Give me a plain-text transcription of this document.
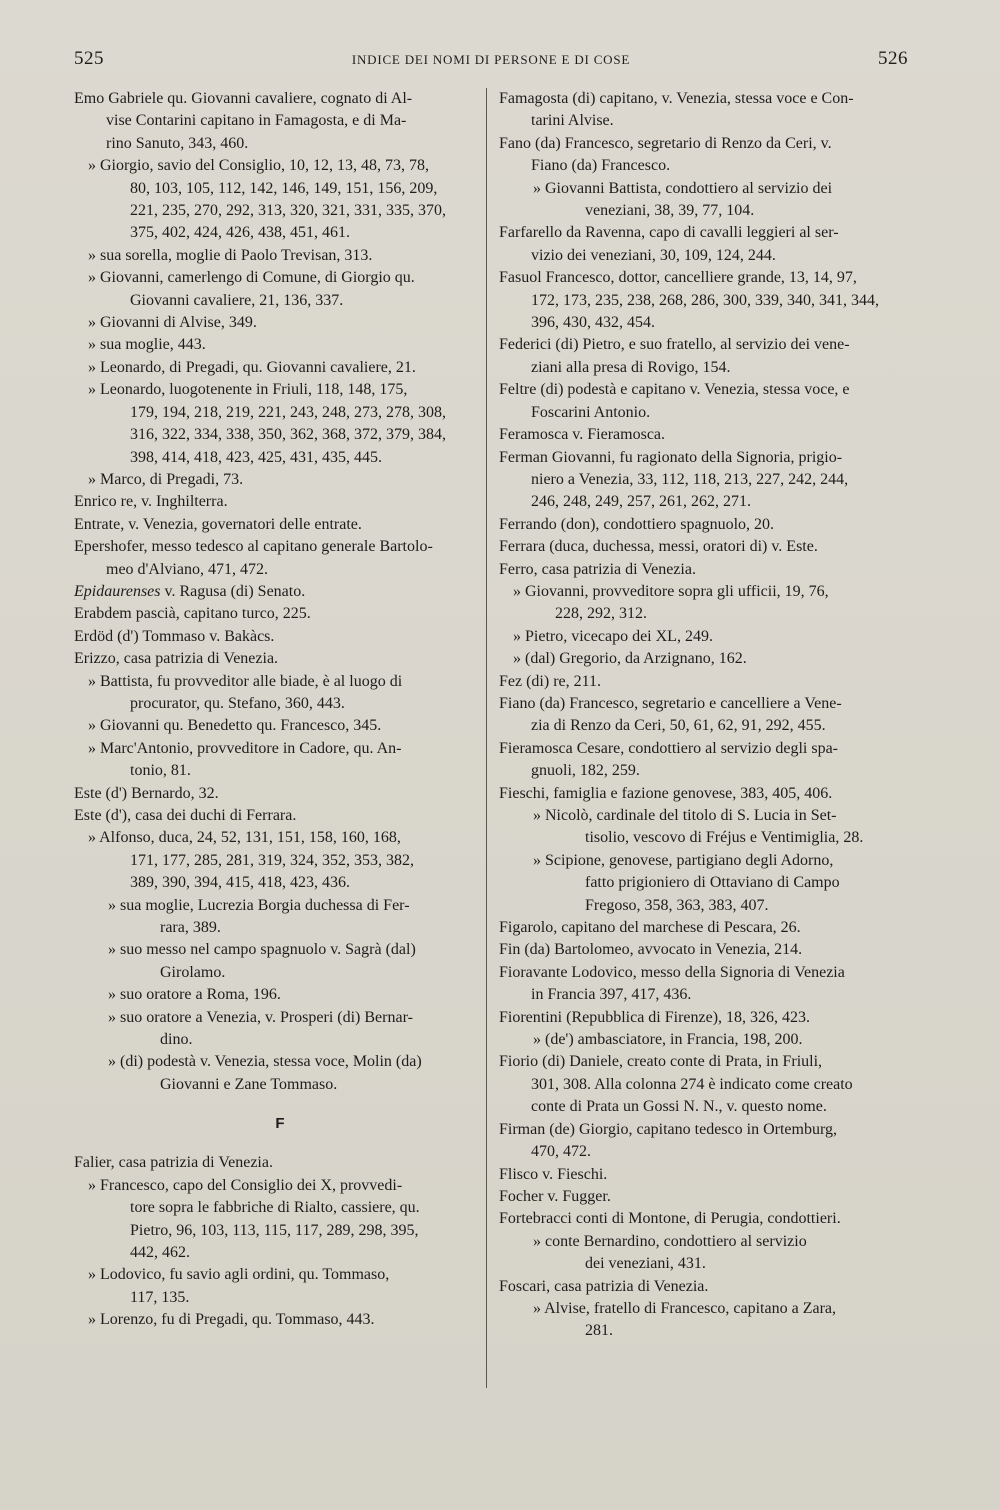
525	INDICE DEI NOMI DI PERSONE E DI COSE	526
Emo Gabriele qu. Giovanni cavaliere, cognato di Al-
vise Contarini capitano in Famagosta, e di Ma-
rino Sanuto, 343, 460.
» Giorgio, savio del Consiglio, 10, 12, 13, 48, 73, 78,
80, 103, 105, 112, 142, 146, 149, 151, 156, 209,
221, 235, 270, 292, 313, 320, 321, 331, 335, 370,
375, 402, 424, 426, 438, 451, 461.
» sua sorella, moglie di Paolo Trevisan, 313.
» Giovanni, camerlengo di Comune, di Giorgio qu.
Giovanni cavaliere, 21, 136, 337.
» Giovanni di Alvise, 349.
» sua moglie, 443.
» Leonardo, di Pregadi, qu. Giovanni cavaliere, 21.
» Leonardo, luogotenente in Friuli, 118, 148, 175,
179, 194, 218, 219, 221, 243, 248, 273, 278, 308,
316, 322, 334, 338, 350, 362, 368, 372, 379, 384,
398, 414, 418, 423, 425, 431, 435, 445.
» Marco, di Pregadi, 73.
Enrico re, v. Inghilterra.
Entrate, v. Venezia, governatori delle entrate.
Epershofer, messo tedesco al capitano generale Bartolo-
meo d'Alviano, 471, 472.
Epidaurenses v. Ragusa (di) Senato.
Erabdem pascià, capitano turco, 225.
Erdöd (d') Tommaso v. Bakàcs.
Erizzo, casa patrizia di Venezia.
» Battista, fu provveditor alle biade, è al luogo di
procurator, qu. Stefano, 360, 443.
» Giovanni qu. Benedetto qu. Francesco, 345.
» Marc'Antonio, provveditore in Cadore, qu. An-
tonio, 81.
Este (d') Bernardo, 32.
Este (d'), casa dei duchi di Ferrara.
» Alfonso, duca, 24, 52, 131, 151, 158, 160, 168,
171, 177, 285, 281, 319, 324, 352, 353, 382,
389, 390, 394, 415, 418, 423, 436.
» sua moglie, Lucrezia Borgia duchessa di Fer-
rara, 389.
» suo messo nel campo spagnuolo v. Sagrà (dal)
Girolamo.
» suo oratore a Roma, 196.
» suo oratore a Venezia, v. Prosperi (di) Bernar-
dino.
» (di) podestà v. Venezia, stessa voce, Molin (da)
Giovanni e Zane Tommaso.
F
Falier, casa patrizia di Venezia.
» Francesco, capo del Consiglio dei X, provvedi-
tore sopra le fabbriche di Rialto, cassiere, qu.
Pietro, 96, 103, 113, 115, 117, 289, 298, 395,
442, 462.
» Lodovico, fu savio agli ordini, qu. Tommaso,
117, 135.
» Lorenzo, fu di Pregadi, qu. Tommaso, 443.
Famagosta (di) capitano, v. Venezia, stessa voce e Con-
tarini Alvise.
Fano (da) Francesco, segretario di Renzo da Ceri, v.
Fiano (da) Francesco.
» Giovanni Battista, condottiero al servizio dei
veneziani, 38, 39, 77, 104.
Farfarello da Ravenna, capo di cavalli leggieri al ser-
vizio dei veneziani, 30, 109, 124, 244.
Fasuol Francesco, dottor, cancelliere grande, 13, 14, 97,
172, 173, 235, 238, 268, 286, 300, 339, 340, 341, 344,
396, 430, 432, 454.
Federici (di) Pietro, e suo fratello, al servizio dei vene-
ziani alla presa di Rovigo, 154.
Feltre (di) podestà e capitano v. Venezia, stessa voce, e
Foscarini Antonio.
Feramosca v. Fieramosca.
Ferman Giovanni, fu ragionato della Signoria, prigio-
niero a Venezia, 33, 112, 118, 213, 227, 242, 244,
246, 248, 249, 257, 261, 262, 271.
Ferrando (don), condottiero spagnuolo, 20.
Ferrara (duca, duchessa, messi, oratori di) v. Este.
Ferro, casa patrizia di Venezia.
» Giovanni, provveditore sopra gli ufficii, 19, 76,
228, 292, 312.
» Pietro, vicecapo dei XL, 249.
» (dal) Gregorio, da Arzignano, 162.
Fez (di) re, 211.
Fiano (da) Francesco, segretario e cancelliere a Vene-
zia di Renzo da Ceri, 50, 61, 62, 91, 292, 455.
Fieramosca Cesare, condottiero al servizio degli spa-
gnuoli, 182, 259.
Fieschi, famiglia e fazione genovese, 383, 405, 406.
» Nicolò, cardinale del titolo di S. Lucia in Set-
tisolio, vescovo di Fréjus e Ventimiglia, 28.
» Scipione, genovese, partigiano degli Adorno,
fatto prigioniero di Ottaviano di Campo
Fregoso, 358, 363, 383, 407.
Figarolo, capitano del marchese di Pescara, 26.
Fin (da) Bartolomeo, avvocato in Venezia, 214.
Fioravante Lodovico, messo della Signoria di Venezia
in Francia 397, 417, 436.
Fiorentini (Repubblica di Firenze), 18, 326, 423.
» (de') ambasciatore, in Francia, 198, 200.
Fiorio (di) Daniele, creato conte di Prata, in Friuli,
301, 308. Alla colonna 274 è indicato come creato
conte di Prata un Gossi N. N., v. questo nome.
Firman (de) Giorgio, capitano tedesco in Ortemburg,
470, 472.
Flisco v. Fieschi.
Focher v. Fugger.
Fortebracci conti di Montone, di Perugia, condottieri.
» conte Bernardino, condottiero al servizio
dei veneziani, 431.
Foscari, casa patrizia di Venezia.
» Alvise, fratello di Francesco, capitano a Zara,
281.
